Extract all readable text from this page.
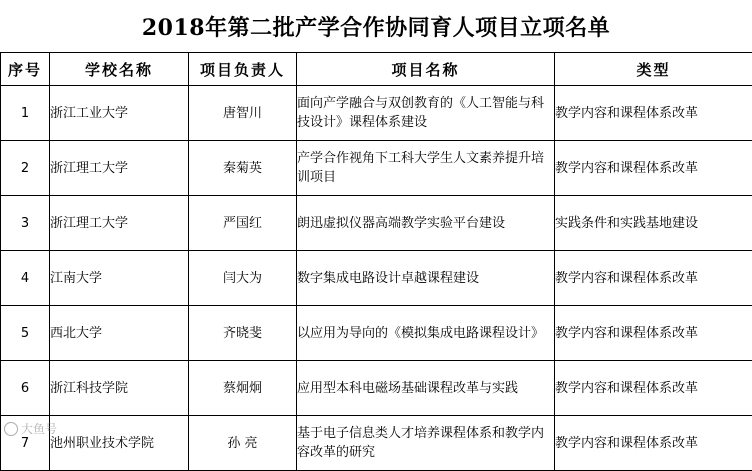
2018年第二批产学合作协同育人项目立项名单
序号	学校名称	项目负责人	项目名称	类型
1	浙江工业大学	唐智川	面向产学融合与双创教育的《人工智能与科技设计》课程体系建设	教学内容和课程体系改革
2	浙江理工大学	秦菊英	产学合作视角下工科大学生人文素养提升培训项目	教学内容和课程体系改革
3	浙江理工大学	严国红	朗迅虚拟仪器高端教学实验平台建设	实践条件和实践基地建设
4	江南大学	闫大为	数字集成电路设计卓越课程建设	教学内容和课程体系改革
5	西北大学	齐晓斐	以应用为导向的《模拟集成电路课程设计》	教学内容和课程体系改革
6	浙江科技学院	蔡炯炯	应用型本科电磁场基础课程改革与实践	教学内容和课程体系改革
7	池州职业技术学院	孙 亮	基于电子信息类人才培养课程体系和教学内容改革的研究	教学内容和课程体系改革
大鱼号
